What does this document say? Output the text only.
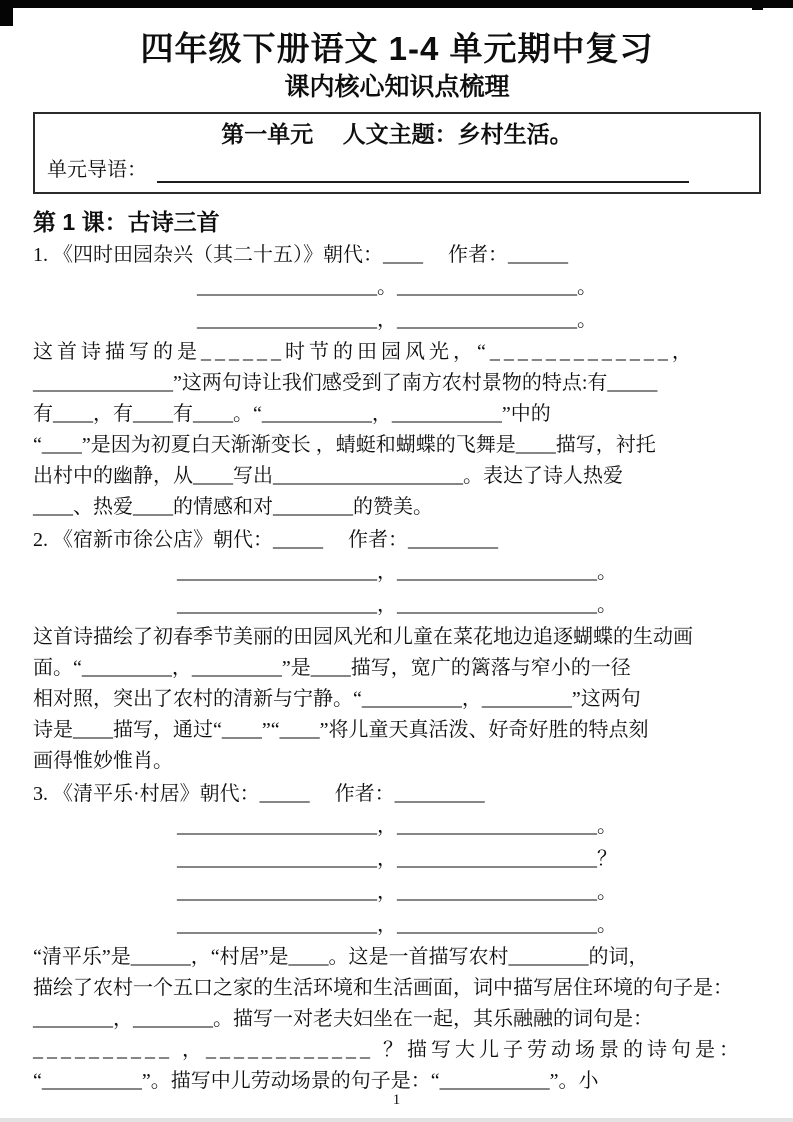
四年级下册语文 1-4 单元期中复习
课内核心知识点梳理
第一单元　 人文主题：乡村生活。
单元导语：
第 1 课：古诗三首
1. 《四时田园杂兴（其二十五）》朝代：____　 作者：______
__________________。__________________。
__________________，__________________。
这首诗描写的是______时节的田园风光，“_____________，
______________”这两句诗让我们感受到了南方农村景物的特点:有_____
有____，有____有____。“___________，___________”中的
“____”是因为初夏白天渐渐变长 ，蜻蜓和蝴蝶的飞舞是____描写，衬托
出村中的幽静，从____写出___________________。表达了诗人热爱
____、热爱____的情感和对________的赞美。
2. 《宿新市徐公店》朝代：_____　 作者：_________
____________________，____________________。
____________________，____________________。
这首诗描绘了初春季节美丽的田园风光和儿童在菜花地边追逐蝴蝶的生动画
面。“_________，_________”是____描写，宽广的篱落与窄小的一径
相对照，突出了农村的清新与宁静。“__________，_________”这两句
诗是____描写，通过“____”“____”将儿童天真活泼、好奇好胜的特点刻
画得惟妙惟肖。
3. 《清平乐·村居》朝代：_____　 作者：_________
____________________，____________________。
____________________，____________________？
____________________，____________________。
____________________，____________________。
“清平乐”是______，“村居”是____。这是一首描写农村________的词，
描绘了农村一个五口之家的生活环境和生活画面，词中描写居住环境的句子是：
________，________。描写一对老夫妇坐在一起，其乐融融的词句是：
__________ ，____________ ？描写大儿子劳动场景的诗句是：
“__________”。描写中儿劳动场景的句子是：“___________”。小
1
